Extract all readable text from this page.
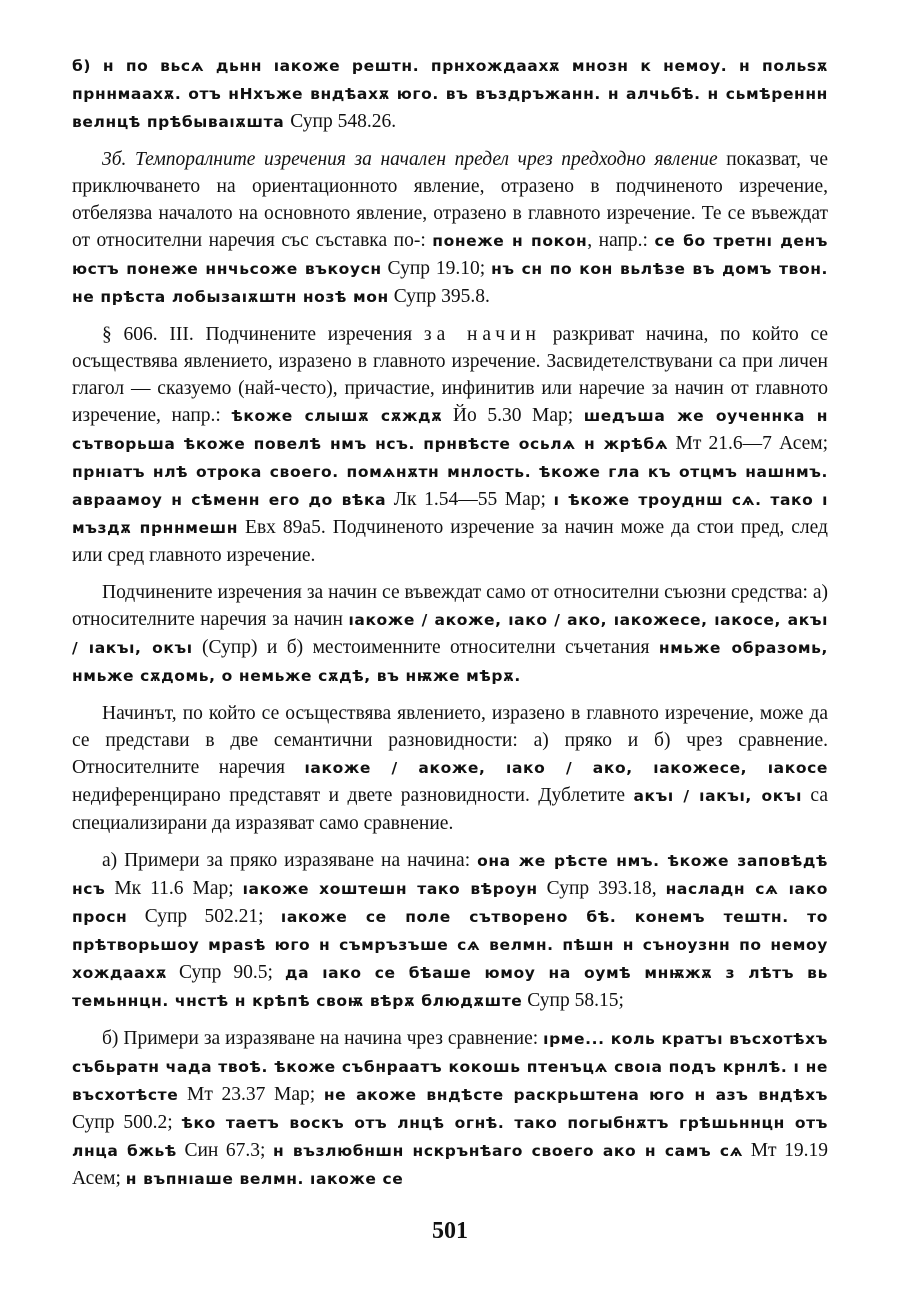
б) н по вьсѧ дьнн ıакоже рештн. прнхождаахѫ мнозн к немоу. н польѕѫ прннмаахѫ. отъ нНхъже вндѣахѫ юго. въ въздръжанн. н алчьбѣ. н сьмѣреннн велнцѣ прѣбываıѫшта Супр 548.26.

3б. Темпоралните изречения за начален предел чрез предходно явление показват, че приключването на ориентационното явление, отразено в подчиненото изречение, отбелязва началото на основното явление, отразено в главното изречение. Те се въвеждат от относителни наречия със съставка по-: понеже н покон, напр.: се бо третнı денъ юстъ понеже ннчьсоже въкоусн Супр 19.10; нъ сн по кон вьлѣзе въ домъ твон. не прѣста лобызаıѫштн нозѣ мон Супр 395.8.

§ 606. III. Подчинените изречения за начин разкриват начина, по който се осъществява явлението, изразено в главното изречение. Засвидетелствувани са при личен глагол — сказуемо (най-често), причастие, инфинитив или наречие за начин от главното изречение, напр.: ѣкоже слышѫ сѫждѫ Йо 5.30 Мар; шедъша же оученнка н сътворьша ѣкоже повелѣ нмъ нсъ. прнвѣсте осьлѧ н жрѣбѧ Мт 21.6—7 Асем; прнıатъ нлѣ отрока своего. помѧнѫтн мнлость. ѣкоже гла къ отцмъ нашнмъ. авраамоу н сѣменн его до вѣка Лк 1.54—55 Мар; ı ѣкоже троуднш сѧ. тако ı мъздѫ прннмешн Евх 89а5. Подчиненото изречение за начин може да стои пред, след или сред главното изречение.

Подчинените изречения за начин се въвеждат само от относителни съюзни средства: а) относителните наречия за начин ıакоже / акоже, ıако / ако, ıакожесе, ıакосе, акъı / ıакъı, окъı (Супр) и б) местоименните относителни съчетания нмьже образомь, нмьже сѫдомь, о немьже сѫдѣ, въ нѭже мѣрѫ.

Начинът, по който се осъществява явлението, изразено в главното изречение, може да се представи в две семантични разновидности: а) пряко и б) чрез сравнение. Относителните наречия ıакоже / акоже, ıако / ако, ıакожесе, ıакосе недиференцирано представят и двете разновидности. Дублетите акъı / ıакъı, окъı са специализирани да изразяват само сравнение.

а) Примери за пряко изразяване на начина: она же рѣсте нмъ. ѣкоже заповѣдѣ нсъ Мк 11.6 Мар; ıакоже хоштешн тако вѣроун Супр 393.18, насладн сѧ ıако просн Супр 502.21; ıакоже се поле сътворено бѣ. конемъ тештн. то прѣтворьшоу мраѕѣ юго н съмръзъше сѧ велмн. пѣшн н съноузнн по немоу хождаахѫ Супр 90.5; да ıако се бѣаше юмоу на оумѣ мнѭжѫ з лѣтъ вь темьннцн. чнстѣ н крѣпѣ своѭ вѣрѫ блюдѫште Супр 58.15;

б) Примери за изразяване на начина чрез сравнение: ıрме... коль кратъı въсхотѣхъ събьратн чада твоѣ. ѣкоже събнраатъ кокошь птенъцѧ своıа подъ крнлѣ. ı не въсхотѣсте Мт 23.37 Мар; не акоже вндѣсте раскрьштена юго н азъ вндѣхъ Супр 500.2; ѣко таетъ воскъ отъ лнцѣ огнѣ. тако погыбнѫтъ грѣшьннцн отъ лнца бжьѣ Син 67.3; н възлюбншн нскрънѣаго своего ако н самъ сѧ Мт 19.19 Асем; н въпнıаше велмн. ıакоже се

501
